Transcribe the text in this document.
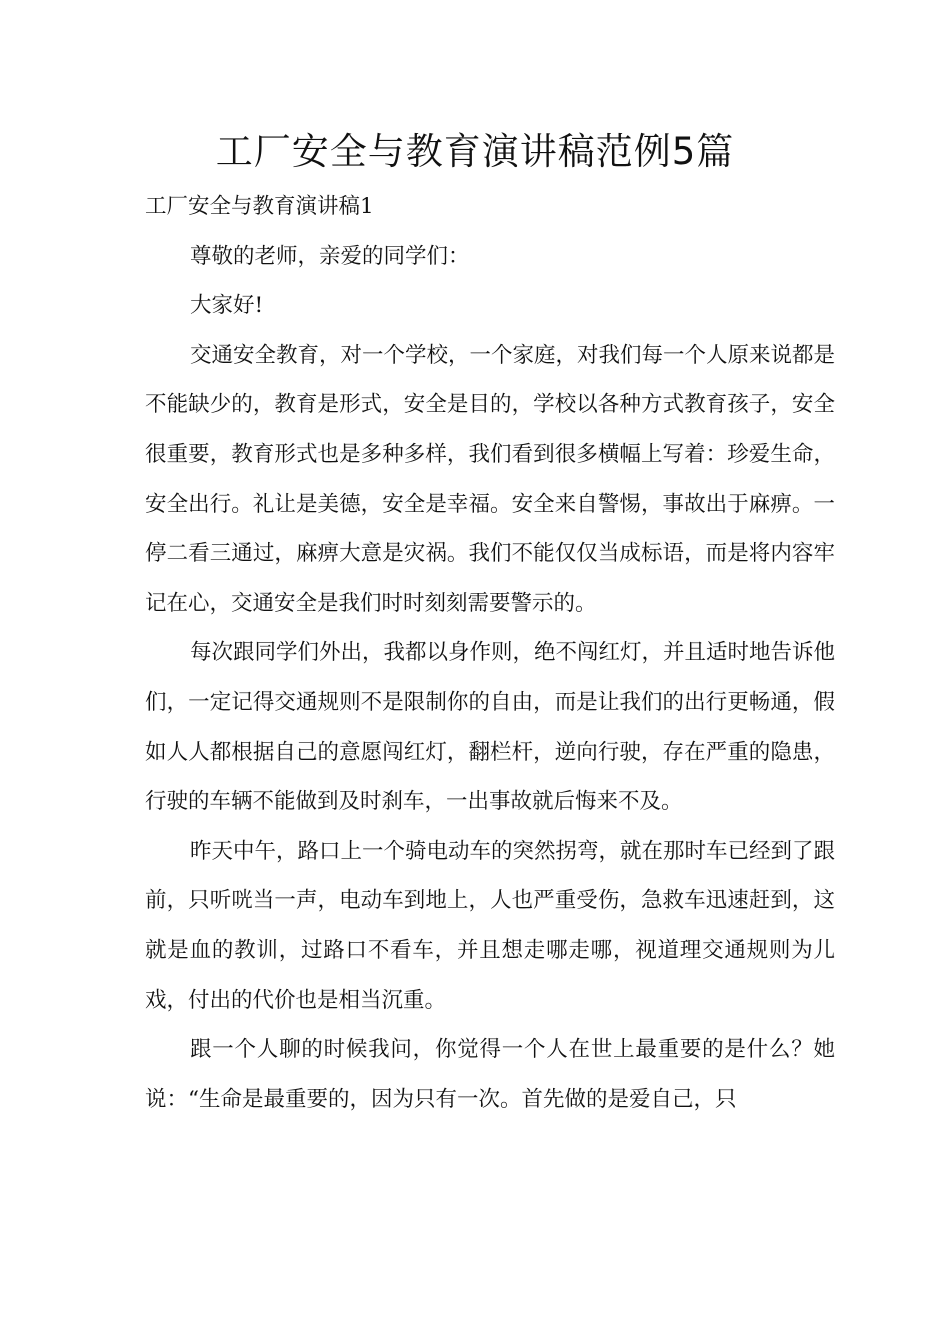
工厂安全与教育演讲稿范例5篇

工厂安全与教育演讲稿1

尊敬的老师，亲爱的同学们：

大家好!

交通安全教育，对一个学校，一个家庭，对我们每一个人原来说都是不能缺少的，教育是形式，安全是目的，学校以各种方式教育孩子，安全很重要，教育形式也是多种多样，我们看到很多横幅上写着：珍爱生命，安全出行。礼让是美德，安全是幸福。安全来自警惕，事故出于麻痹。一停二看三通过，麻痹大意是灾祸。我们不能仅仅当成标语，而是将内容牢记在心，交通安全是我们时时刻刻需要警示的。

每次跟同学们外出，我都以身作则，绝不闯红灯，并且适时地告诉他们，一定记得交通规则不是限制你的自由，而是让我们的出行更畅通，假如人人都根据自己的意愿闯红灯，翻栏杆，逆向行驶，存在严重的隐患，行驶的车辆不能做到及时刹车，一出事故就后悔来不及。

昨天中午，路口上一个骑电动车的突然拐弯，就在那时车已经到了跟前，只听咣当一声，电动车到地上，人也严重受伤，急救车迅速赶到，这就是血的教训，过路口不看车，并且想走哪走哪，视道理交通规则为儿戏，付出的代价也是相当沉重。

跟一个人聊的时候我问，你觉得一个人在世上最重要的是什么？她说：“生命是最重要的，因为只有一次。首先做的是爱自己，只
